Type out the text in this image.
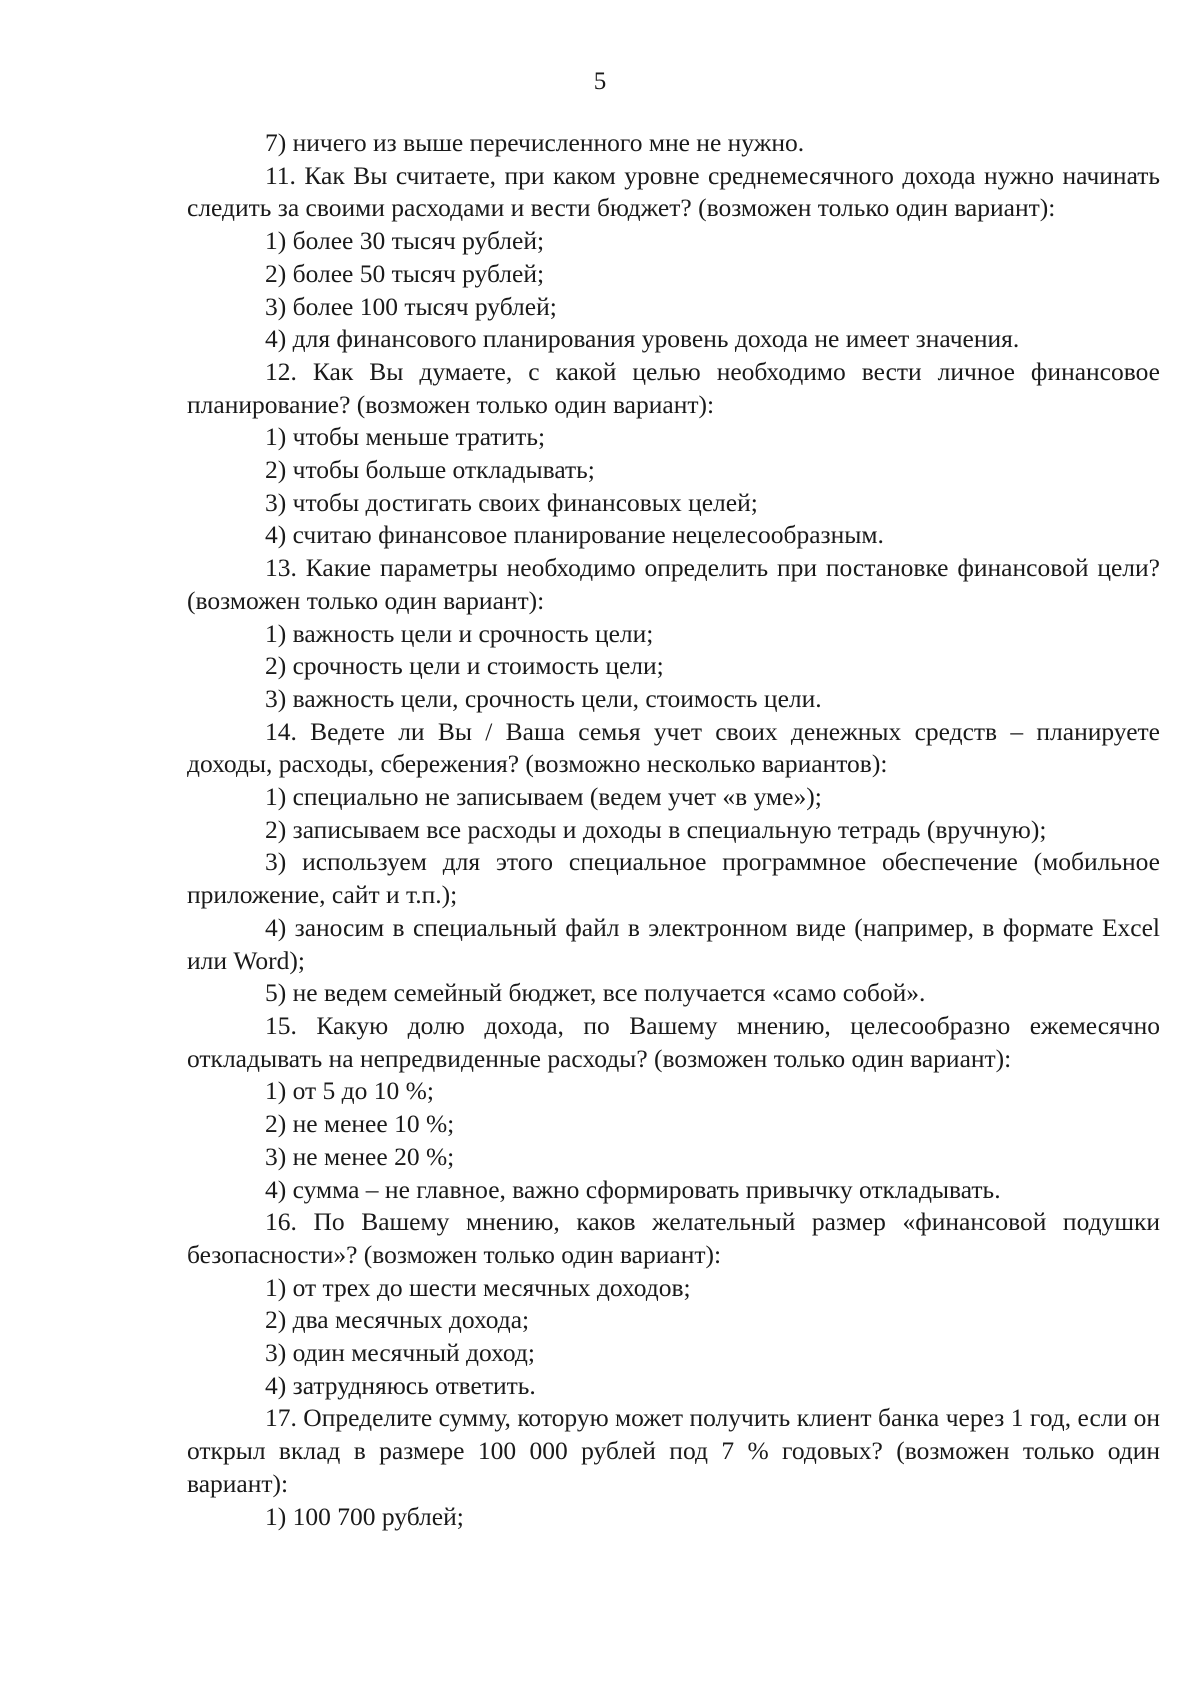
5

7) ничего из выше перечисленного мне не нужно.

11. Как Вы считаете, при каком уровне среднемесячного дохода нужно начинать следить за своими расходами и вести бюджет? (возможен только один вариант):

1) более 30 тысяч рублей;

2) более 50 тысяч рублей;

3) более 100 тысяч рублей;

4) для финансового планирования уровень дохода не имеет значения.

12. Как Вы думаете, с какой целью необходимо вести личное финансовое планирование? (возможен только один вариант):

1) чтобы меньше тратить;

2) чтобы больше откладывать;

3) чтобы достигать своих финансовых целей;

4) считаю финансовое планирование нецелесообразным.

13. Какие параметры необходимо определить при постановке финансовой цели? (возможен только один вариант):

1) важность цели и срочность цели;

2) срочность цели и стоимость цели;

3) важность цели, срочность цели, стоимость цели.

14. Ведете ли Вы / Ваша семья учет своих денежных средств – планируете доходы, расходы, сбережения? (возможно несколько вариантов):

1) специально не записываем (ведем учет «в уме»);

2) записываем все расходы и доходы в специальную тетрадь (вручную);

3) используем для этого специальное программное обеспечение (мобильное приложение, сайт и т.п.);

4) заносим в специальный файл в электронном виде (например, в формате Excel или Word);

5) не ведем семейный бюджет, все получается «само собой».

15. Какую долю дохода, по Вашему мнению, целесообразно ежемесячно откладывать на непредвиденные расходы? (возможен только один вариант):

1) от 5 до 10 %;

2) не менее 10 %;

3) не менее 20 %;

4) сумма – не главное, важно сформировать привычку откладывать.

16. По Вашему мнению, каков желательный размер «финансовой подушки безопасности»? (возможен только один вариант):

1) от трех до шести месячных доходов;

2) два месячных дохода;

3) один месячный доход;

4) затрудняюсь ответить.

17. Определите сумму, которую может получить клиент банка через 1 год, если он открыл вклад в размере 100 000 рублей под 7 % годовых? (возможен только один вариант):

1) 100 700 рублей;
